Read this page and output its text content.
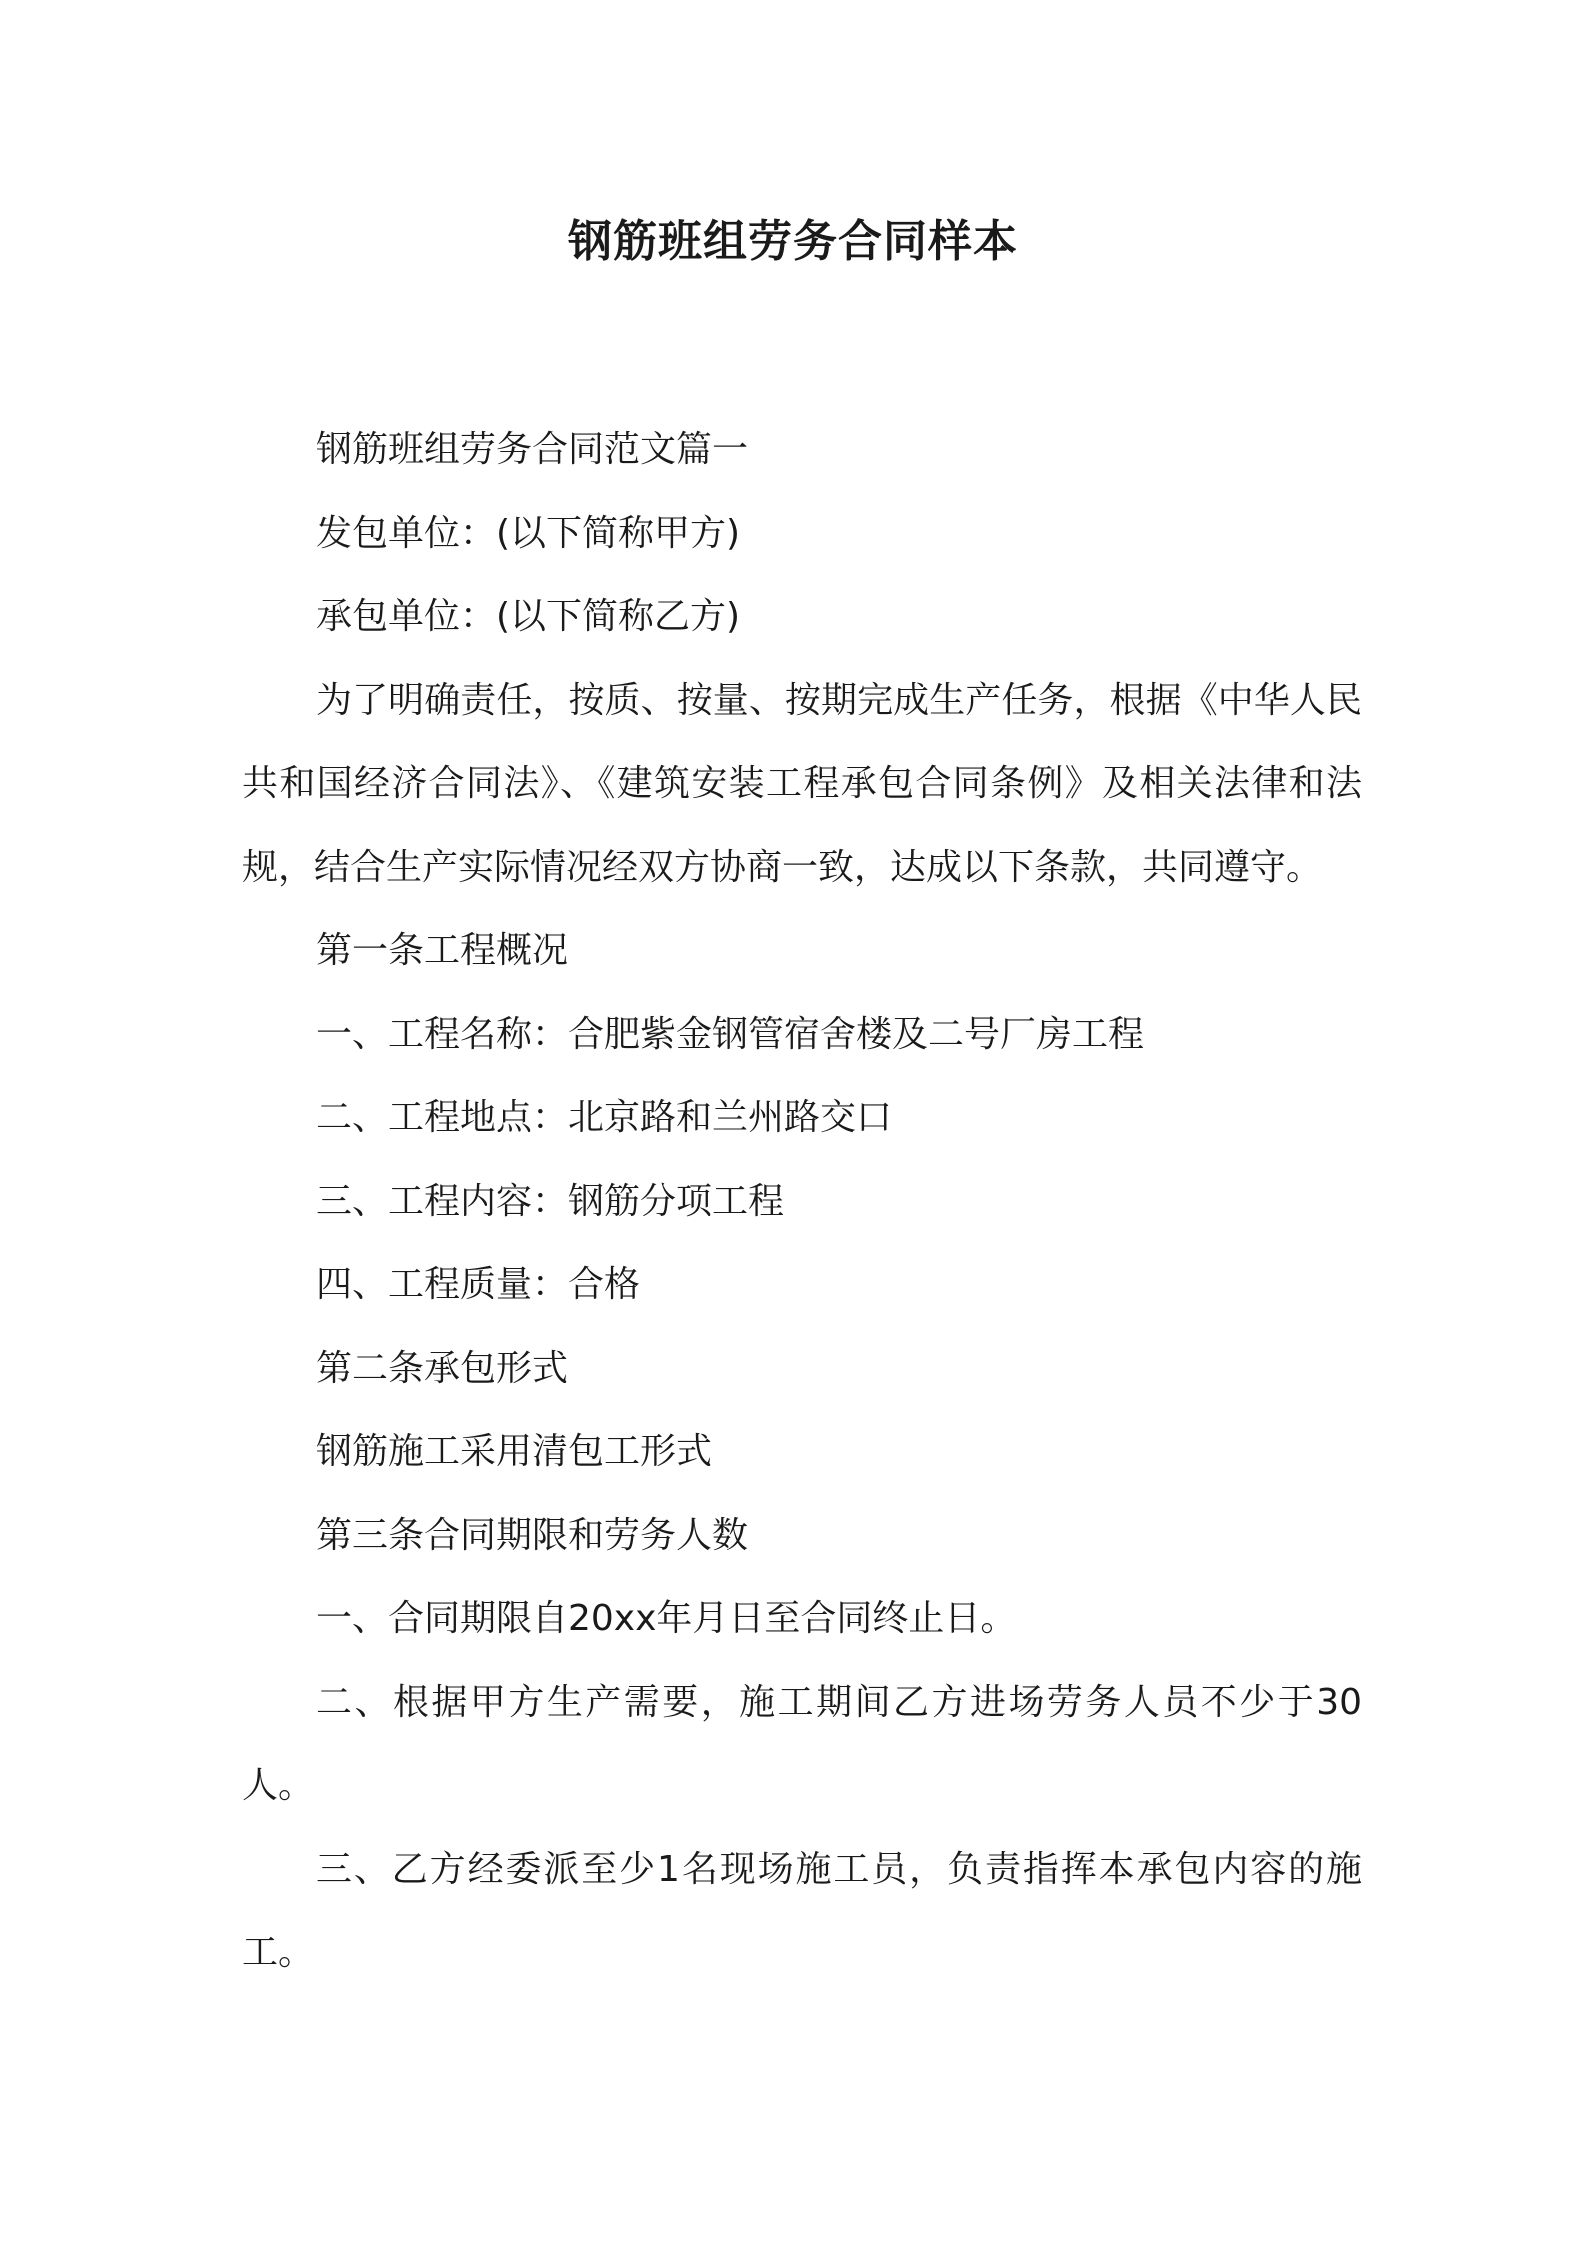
钢筋班组劳务合同样本

钢筋班组劳务合同范文篇一

发包单位：(以下简称甲方)

承包单位：(以下简称乙方)

为了明确责任，按质、按量、按期完成生产任务，根据《中华人民共和国经济合同法》、《建筑安装工程承包合同条例》及相关法律和法规，结合生产实际情况经双方协商一致，达成以下条款，共同遵守。

第一条工程概况

一、工程名称：合肥紫金钢管宿舍楼及二号厂房工程

二、工程地点：北京路和兰州路交口

三、工程内容：钢筋分项工程

四、工程质量：合格

第二条承包形式

钢筋施工采用清包工形式

第三条合同期限和劳务人数

一、合同期限自20xx年月日至合同终止日。

二、根据甲方生产需要，施工期间乙方进场劳务人员不少于30人。

三、乙方经委派至少1名现场施工员，负责指挥本承包内容的施工。
